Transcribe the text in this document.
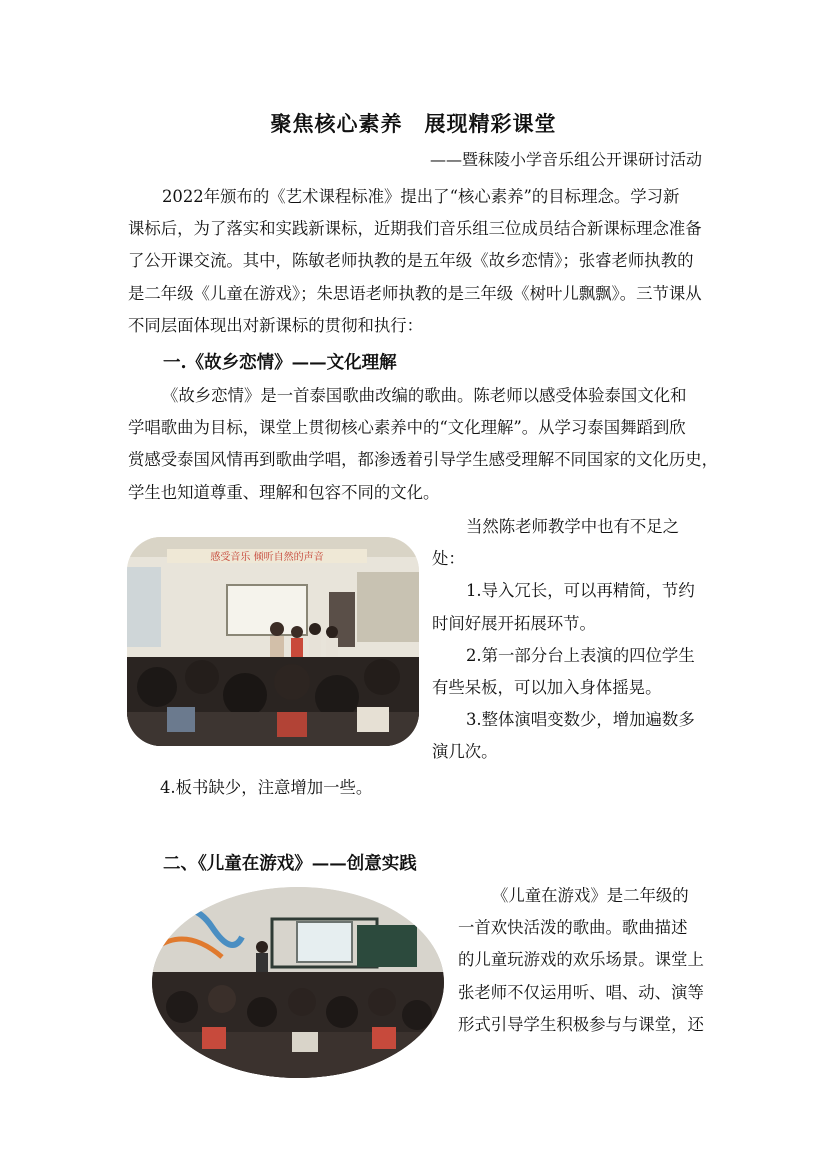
聚焦核心素养　展现精彩课堂
——暨秣陵小学音乐组公开课研讨活动
2022年颁布的《艺术课程标准》提出了“核心素养”的目标理念。学习新
课标后，为了落实和实践新课标，近期我们音乐组三位成员结合新课标理念准备
了公开课交流。其中，陈敏老师执教的是五年级《故乡恋情》；张睿老师执教的
是二年级《儿童在游戏》；朱思语老师执教的是三年级《树叶儿飘飘》。三节课从
不同层面体现出对新课标的贯彻和执行：
一.《故乡恋情》——文化理解
《故乡恋情》是一首泰国歌曲改编的歌曲。陈老师以感受体验泰国文化和
学唱歌曲为目标，课堂上贯彻核心素养中的“文化理解”。从学习泰国舞蹈到欣
赏感受泰国风情再到歌曲学唱，都渗透着引导学生感受理解不同国家的文化历史，
学生也知道尊重、理解和包容不同的文化。
感受音乐 倾听自然的声音
当然陈老师教学中也有不足之
处：
1.导入冗长，可以再精简，节约
时间好展开拓展环节。
2.第一部分台上表演的四位学生
有些呆板，可以加入身体摇晃。
3.整体演唱变数少，增加遍数多
演几次。
4.板书缺少，注意增加一些。
二、《儿童在游戏》——创意实践
《儿童在游戏》是二年级的
一首欢快活泼的歌曲。歌曲描述
的儿童玩游戏的欢乐场景。课堂上
张老师不仅运用听、唱、动、演等
形式引导学生积极参与与课堂，还
